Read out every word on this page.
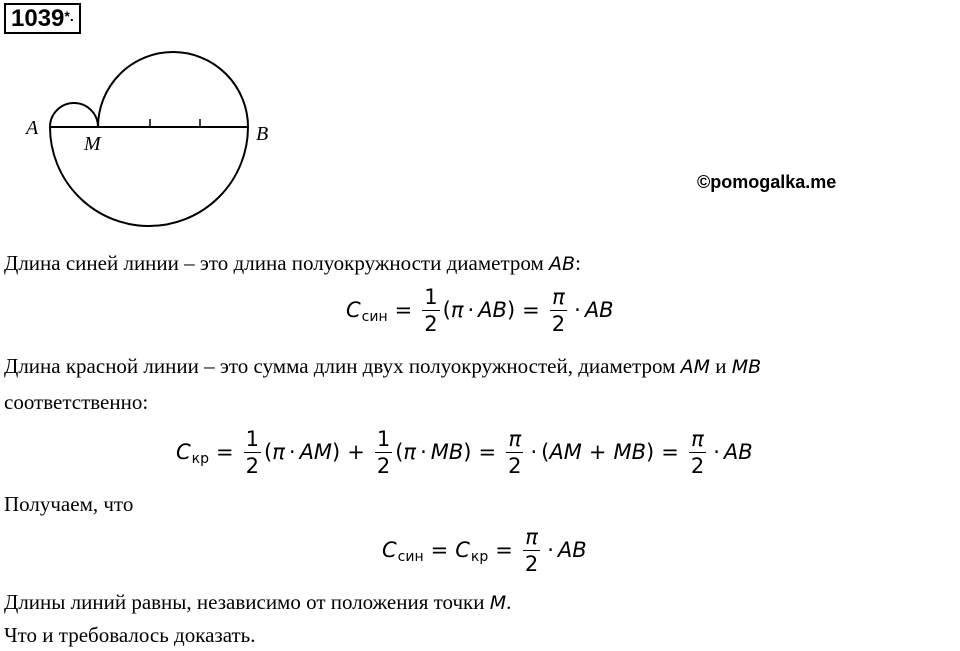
1039*.
A
M	B
©pomogalka.me
Длина синей линии – это длина полуокружности диаметром AB:
C син = $\frac{1}{2}$ ( π · AB ) = $\frac{\pi}{2}$ · AB
Длина красной линии – это сумма длин двух полуокружностей, диаметром AM и MB
соответственно:
C кр = $\frac{1}{2}$ ( π · AM ) + $\frac{1}{2}$ ( π · MB ) = $\frac{\pi}{2}$ · ( AM + MB ) = $\frac{\pi}{2}$ · AB
Получаем, что
C син = C кр = $\frac{\pi}{2}$ · AB
Длины линий равны, независимо от положения точки M.
Что и требовалось доказать.
